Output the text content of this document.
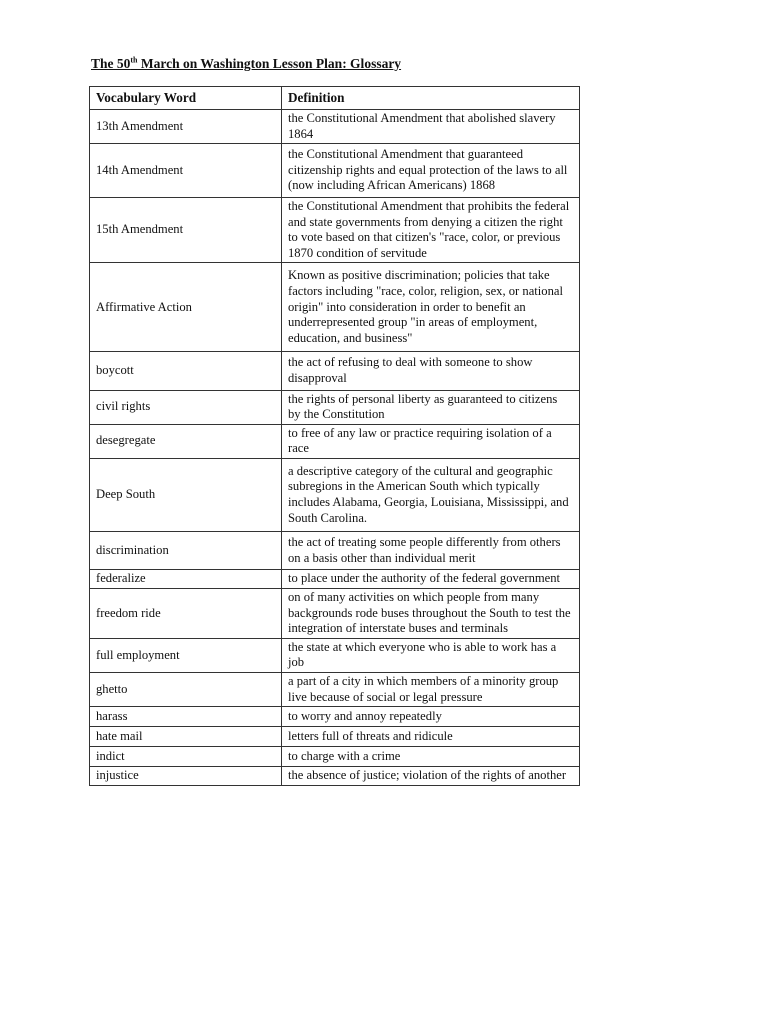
The 50th March on Washington Lesson Plan: Glossary
Vocabulary Word	Definition
13th Amendment	the Constitutional Amendment that abolished slavery 1864
14th Amendment	the Constitutional Amendment that guaranteed citizenship rights and equal protection of the laws to all (now including African Americans) 1868
15th Amendment	the Constitutional Amendment that prohibits the federal and state governments from denying a citizen the right to vote based on that citizen's "race, color, or previous 1870 condition of servitude
Affirmative Action	Known as positive discrimination; policies that take factors including "race, color, religion, sex, or national origin" into consideration in order to benefit an underrepresented group "in areas of employment, education, and business"
boycott	the act of refusing to deal with someone to show disapproval
civil rights	the rights of personal liberty as guaranteed to citizens by the Constitution
desegregate	to free of any law or practice requiring isolation of a race
Deep South	a descriptive category of the cultural and geographic subregions in the American South which typically includes Alabama, Georgia, Louisiana, Mississippi, and South Carolina.
discrimination	the act of treating some people differently from others on a basis other than individual merit
federalize	to place under the authority of the federal government
freedom ride	on of many activities on which people from many backgrounds rode buses throughout the South to test the integration of interstate buses and terminals
full employment	the state at which everyone who is able to work has a job
ghetto	a part of a city in which members of a minority group live because of social or legal pressure
harass	to worry and annoy repeatedly
hate mail	letters full of threats and ridicule
indict	to charge with a crime
injustice	the absence of justice; violation of the rights of another
